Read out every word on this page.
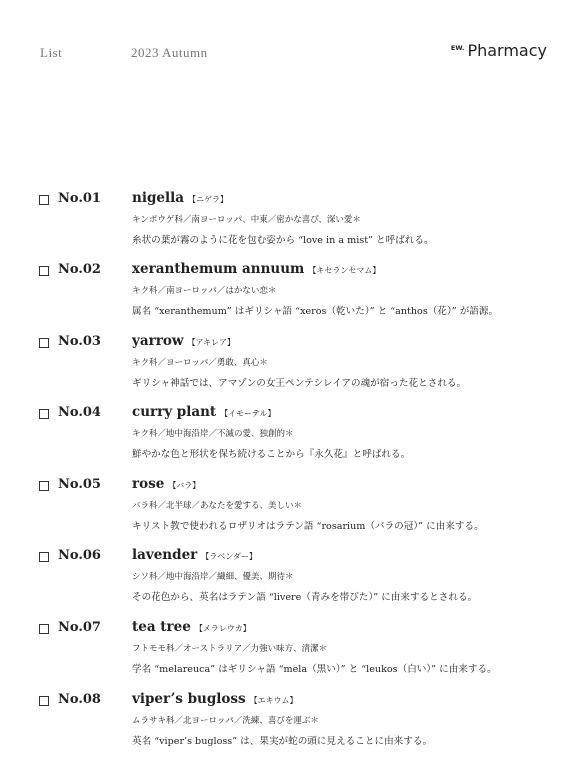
List	2023 Autumn	EW. Pharmacy
No.01 nigella 【ニゲラ】
キンポウゲ科／南ヨーロッパ、中東／密かな喜び、深い愛＊
糸状の葉が霧のように花を包む姿から “love in a mist” と呼ばれる。
No.02 xeranthemum annuum 【キセランセマム】
キク科／南ヨーロッパ／はかない恋＊
属名 “xeranthemum” はギリシャ語 “xeros（乾いた）” と “anthos（花）” が語源。
No.03 yarrow 【アキレア】
キク科／ヨーロッパ／勇敢、真心＊
ギリシャ神話では、アマゾンの女王ペンテシレイアの魂が宿った花とされる。
No.04 curry plant 【イモーテル】
キク科／地中海沿岸／不滅の愛、独創的＊
鮮やかな色と形状を保ち続けることから『永久花』と呼ばれる。
No.05 rose 【バラ】
バラ科／北半球／あなたを愛する、美しい＊
キリスト教で使われるロザリオはラテン語 “rosarium（バラの冠）” に由来する。
No.06 lavender 【ラベンダー】
シソ科／地中海沿岸／繊細、優美、期待＊
その花色から、英名はラテン語 “livere（青みを帯びた）” に由来するとされる。
No.07 tea tree 【メラレウカ】
フトモモ科／オーストラリア／力強い味方、清潔＊
学名 “melareuca” はギリシャ語 “mela（黒い）” と “leukos（白い）” に由来する。
No.08 viper’s bugloss 【エキウム】
ムラサキ科／北ヨーロッパ／洗練、喜びを運ぶ＊
英名 “viper’s bugloss” は、果実が蛇の頭に見えることに由来する。
